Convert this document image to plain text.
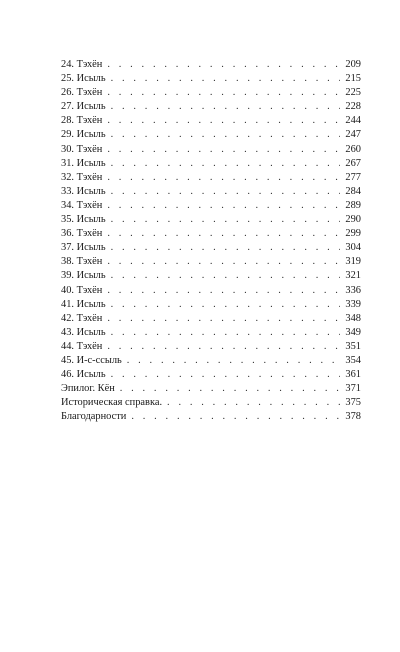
24. Тэхён . . .	209
25. Исыль . . .	215
26. Тэхён . . .	225
27. Исыль . . .	228
28. Тэхён . . .	244
29. Исыль . . .	247
30. Тэхён . . .	260
31. Исыль . . .	267
32. Тэхён . . .	277
33. Исыль . . .	284
34. Тэхён . . .	289
35. Исыль . . .	290
36. Тэхён . . .	299
37. Исыль . . .	304
38. Тэхён . . .	319
39. Исыль . . .	321
40. Тэхён . . .	336
41. Исыль . . .	339
42. Тэхён . . .	348
43. Исыль . . .	349
44. Тэхён . . .	351
45. И-с-ссыль . . .	354
46. Исыль . . .	361
Эпилог. Кён . . .	371
Историческая справка. . . .	375
Благодарности . . .	378
